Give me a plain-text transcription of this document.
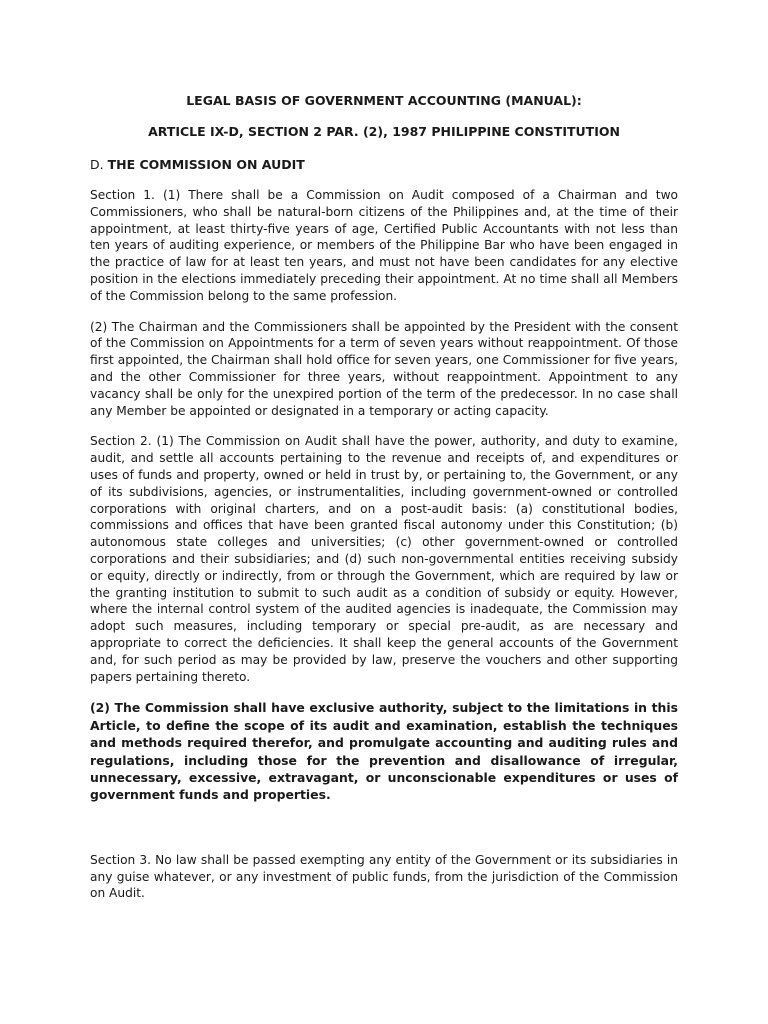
LEGAL BASIS OF GOVERNMENT ACCOUNTING (MANUAL):

ARTICLE IX-D, SECTION 2 PAR. (2), 1987 PHILIPPINE CONSTITUTION

D. THE COMMISSION ON AUDIT

Section 1. (1) There shall be a Commission on Audit composed of a Chairman and two Commissioners, who shall be natural-born citizens of the Philippines and, at the time of their appointment, at least thirty-five years of age, Certified Public Accountants with not less than ten years of auditing experience, or members of the Philippine Bar who have been engaged in the practice of law for at least ten years, and must not have been candidates for any elective position in the elections immediately preceding their appointment. At no time shall all Members of the Commission belong to the same profession.

(2) The Chairman and the Commissioners shall be appointed by the President with the consent of the Commission on Appointments for a term of seven years without reappointment. Of those first appointed, the Chairman shall hold office for seven years, one Commissioner for five years, and the other Commissioner for three years, without reappointment. Appointment to any vacancy shall be only for the unexpired portion of the term of the predecessor. In no case shall any Member be appointed or designated in a temporary or acting capacity.

Section 2. (1) The Commission on Audit shall have the power, authority, and duty to examine, audit, and settle all accounts pertaining to the revenue and receipts of, and expenditures or uses of funds and property, owned or held in trust by, or pertaining to, the Government, or any of its subdivisions, agencies, or instrumentalities, including government-owned or controlled corporations with original charters, and on a post-audit basis: (a) constitutional bodies, commissions and offices that have been granted fiscal autonomy under this Constitution; (b) autonomous state colleges and universities; (c) other government-owned or controlled corporations and their subsidiaries; and (d) such non-governmental entities receiving subsidy or equity, directly or indirectly, from or through the Government, which are required by law or the granting institution to submit to such audit as a condition of subsidy or equity. However, where the internal control system of the audited agencies is inadequate, the Commission may adopt such measures, including temporary or special pre-audit, as are necessary and appropriate to correct the deficiencies. It shall keep the general accounts of the Government and, for such period as may be provided by law, preserve the vouchers and other supporting papers pertaining thereto.

(2) The Commission shall have exclusive authority, subject to the limitations in this Article, to define the scope of its audit and examination, establish the techniques and methods required therefor, and promulgate accounting and auditing rules and regulations, including those for the prevention and disallowance of irregular, unnecessary, excessive, extravagant, or unconscionable expenditures or uses of government funds and properties.

Section 3. No law shall be passed exempting any entity of the Government or its subsidiaries in any guise whatever, or any investment of public funds, from the jurisdiction of the Commission on Audit.
